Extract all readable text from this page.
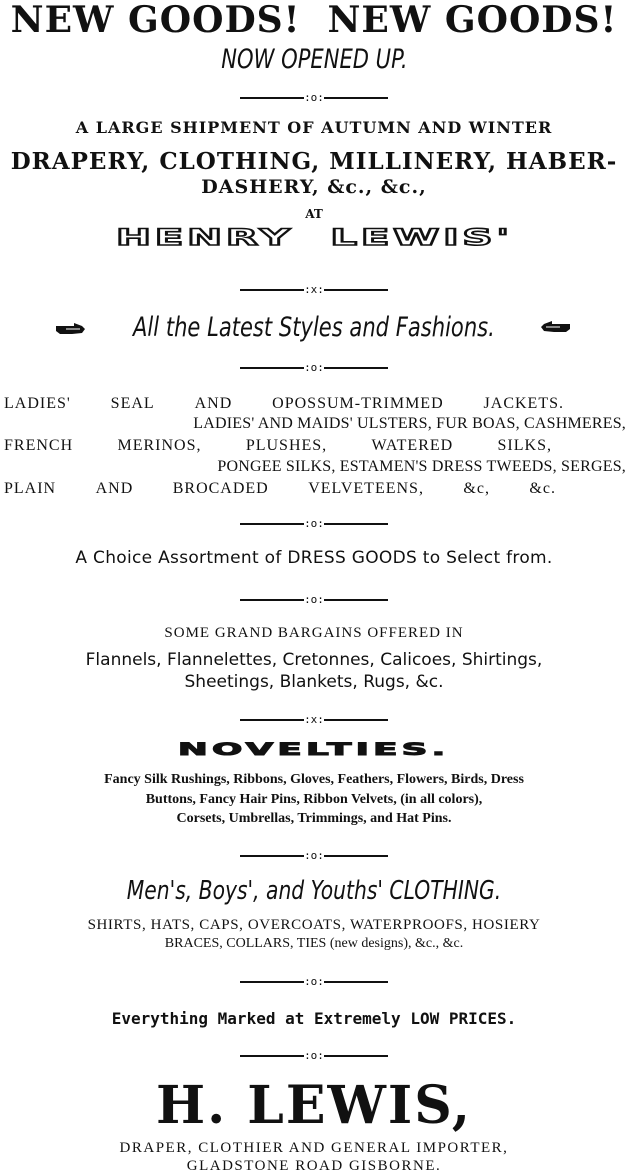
NEW GOODS!  NEW GOODS!
NOW OPENED UP.
:o:
A LARGE SHIPMENT OF AUTUMN AND WINTER
DRAPERY, CLOTHING, MILLINERY, HABER-
DASHERY, &c., &c.,
AT
HENRY  LEWIS'
:x:
All the Latest Styles and Fashions.
:o:
LADIES' SEAL AND OPOSSUM-TRIMMED JACKETS.
LADIES' AND MAIDS' ULSTERS, FUR BOAS, CASHMERES,
FRENCH	MERINOS,	PLUSHES,	WATERED	SILKS,
PONGEE SILKS, ESTAMEN'S DRESS TWEEDS, SERGES,
PLAIN AND BROCADED VELVETEENS, &c, &c.
:o:
A Choice Assortment of DRESS GOODS to Select from.
:o:
SOME GRAND BARGAINS OFFERED IN
Flannels, Flannelettes, Cretonnes, Calicoes, Shirtings,
Sheetings, Blankets, Rugs, &c.
:x:
NOVELTIES.
Fancy Silk Rushings, Ribbons, Gloves, Feathers, Flowers, Birds, Dress
Buttons, Fancy Hair Pins, Ribbon Velvets, (in all colors),
Corsets, Umbrellas, Trimmings, and Hat Pins.
:o:
Men's, Boys', and Youths' CLOTHING.
SHIRTS, HATS, CAPS, OVERCOATS, WATERPROOFS, HOSIERY
BRACES, COLLARS, TIES (new designs), &c., &c.
:o:
Everything Marked at Extremely LOW PRICES.
:o:
H. LEWIS,
DRAPER, CLOTHIER AND GENERAL IMPORTER,
GLADSTONE ROAD GISBORNE.
